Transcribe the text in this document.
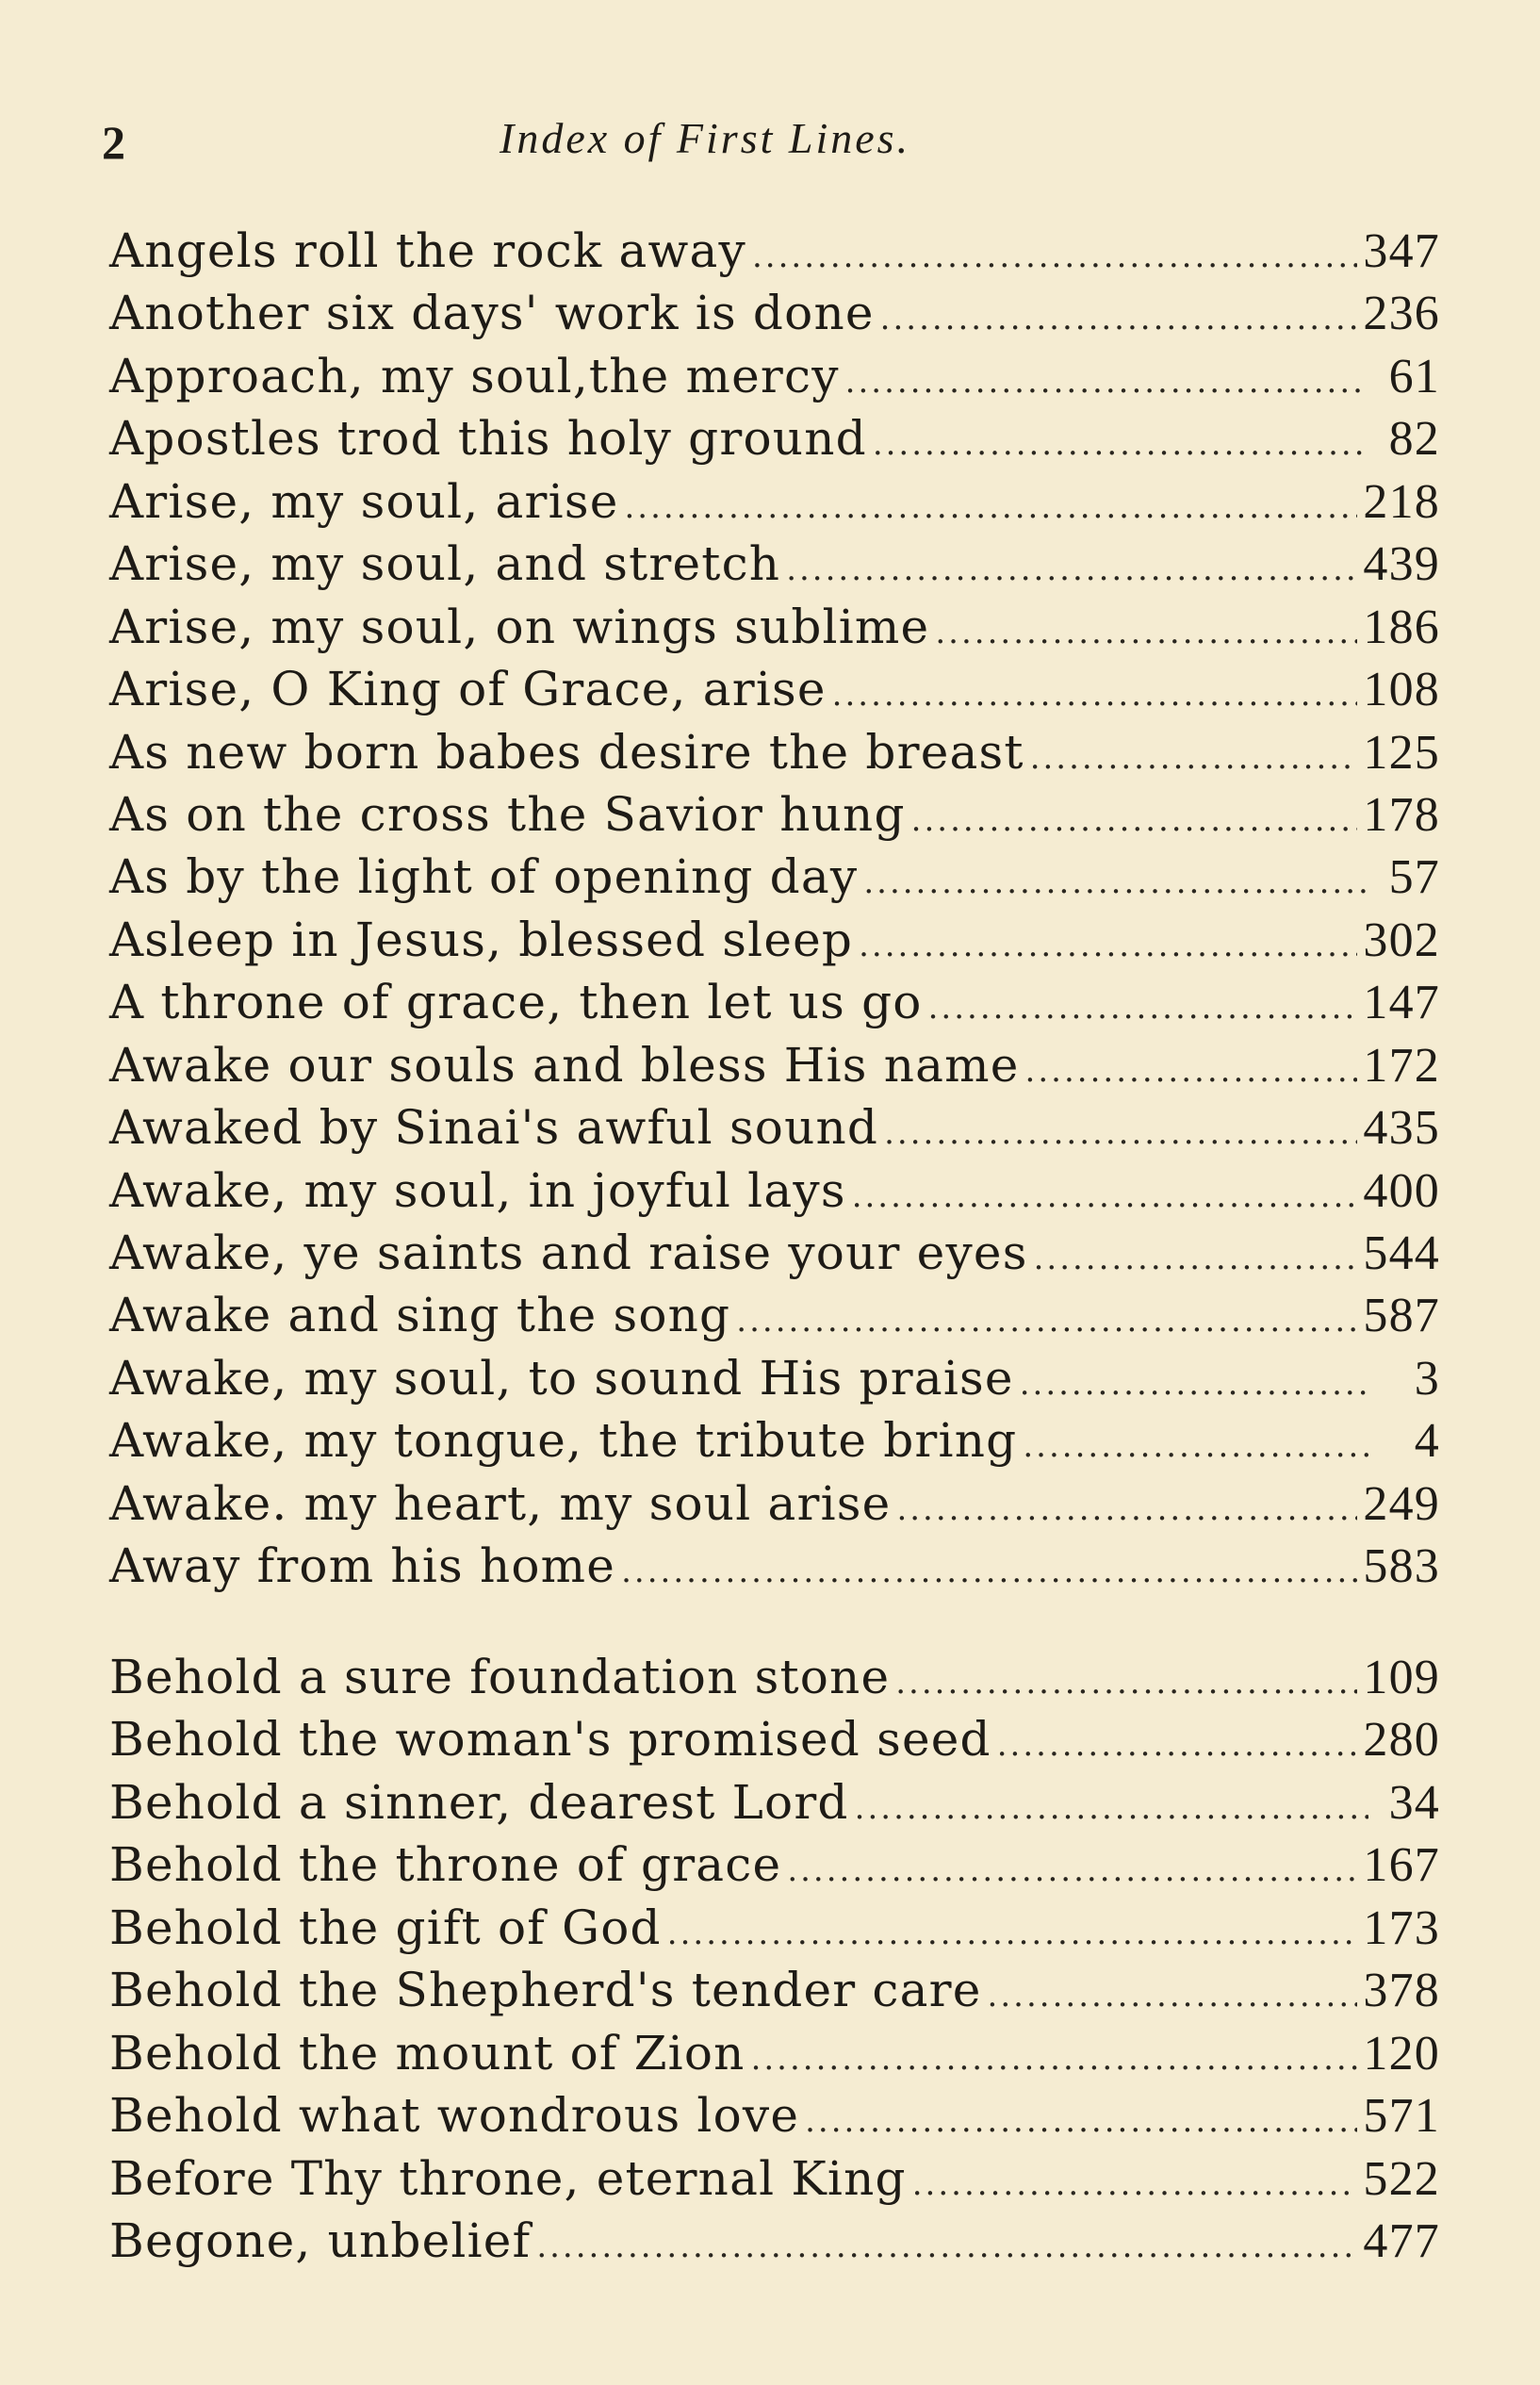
2	Index of First Lines.
Angels roll the rock away .....	347
Another six days' work is done .....	236
Approach, my soul,the mercy .....	61
Apostles trod this holy ground .....	82
Arise, my soul, arise .....	218
Arise, my soul, and stretch .....	439
Arise, my soul, on wings sublime .....	186
Arise, O King of Grace, arise .....	108
As new born babes desire the breast .....	125
As on the cross the Savior hung .....	178
As by the light of opening day .....	57
Asleep in Jesus, blessed sleep .....	302
A throne of grace, then let us go .....	147
Awake our souls and bless His name .....	172
Awaked by Sinai's awful sound .....	435
Awake, my soul, in joyful lays .....	400
Awake, ye saints and raise your eyes .....	544
Awake and sing the song .....	587
Awake, my soul, to sound His praise .....	3
Awake, my tongue, the tribute bring .....	4
Awake. my heart, my soul arise .....	249
Away from his home .....	583
Behold a sure foundation stone .....	109
Behold the woman's promised seed .....	280
Behold a sinner, dearest Lord .....	34
Behold the throne of grace .....	167
Behold the gift of God .....	173
Behold the Shepherd's tender care .....	378
Behold the mount of Zion .....	120
Behold what wondrous love .....	571
Before Thy throne, eternal King .....	522
Begone, unbelief .....	477
